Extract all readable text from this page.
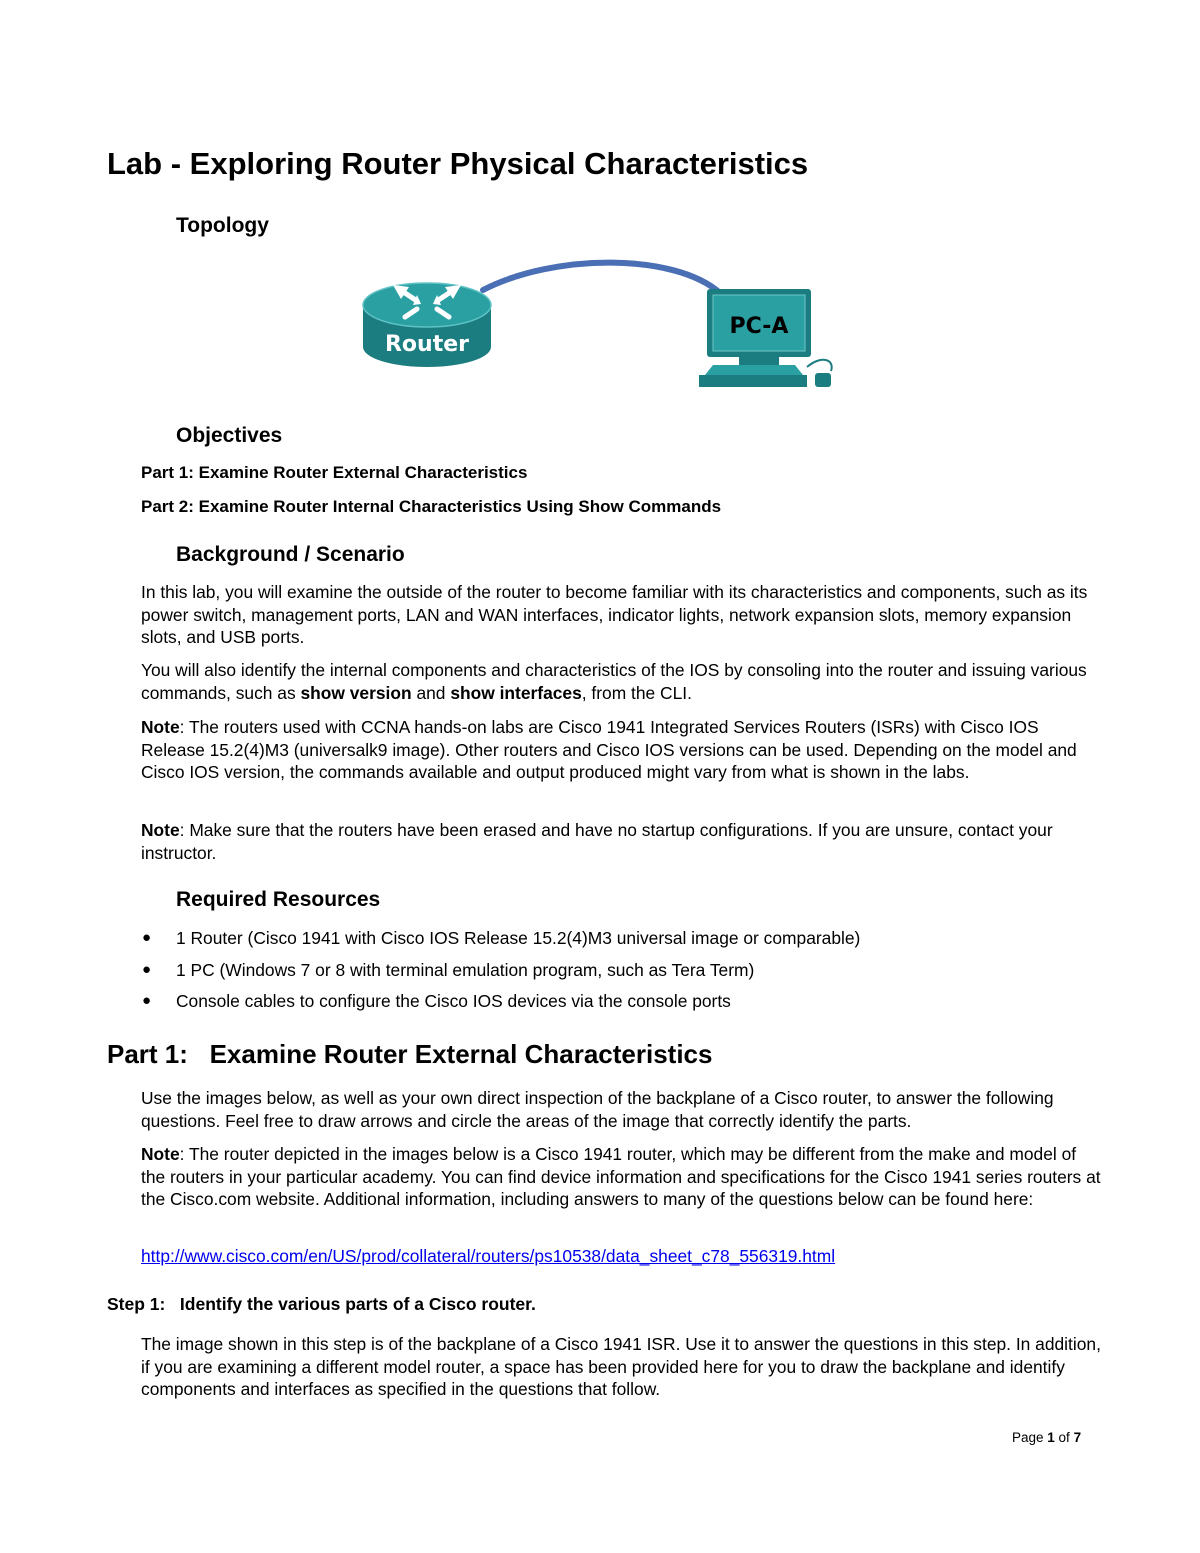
Lab - Exploring Router Physical Characteristics
Topology
Router
PC-A
Objectives
Part 1: Examine Router External Characteristics
Part 2: Examine Router Internal Characteristics Using Show Commands
Background / Scenario

In this lab, you will examine the outside of the router to become familiar with its characteristics and components, such as its power switch, management ports, LAN and WAN interfaces, indicator lights, network expansion slots, memory expansion slots, and USB ports.

You will also identify the internal components and characteristics of the IOS by consoling into the router and issuing various commands, such as show version and show interfaces, from the CLI.

Note: The routers used with CCNA hands-on labs are Cisco 1941 Integrated Services Routers (ISRs) with Cisco IOS Release 15.2(4)M3 (universalk9 image). Other routers and Cisco IOS versions can be used. Depending on the model and Cisco IOS version, the commands available and output produced might vary from what is shown in the labs.

Note: Make sure that the routers have been erased and have no startup configurations. If you are unsure, contact your instructor.

Required Resources
● 1 Router (Cisco 1941 with Cisco IOS Release 15.2(4)M3 universal image or comparable)
● 1 PC (Windows 7 or 8 with terminal emulation program, such as Tera Term)
● Console cables to configure the Cisco IOS devices via the console ports
Part 1:   Examine Router External Characteristics

Use the images below, as well as your own direct inspection of the backplane of a Cisco router, to answer the following questions. Feel free to draw arrows and circle the areas of the image that correctly identify the parts.

Note: The router depicted in the images below is a Cisco 1941 router, which may be different from the make and model of the routers in your particular academy. You can find device information and specifications for the Cisco 1941 series routers at the Cisco.com website. Additional information, including answers to many of the questions below can be found here:

http://www.cisco.com/en/US/prod/collateral/routers/ps10538/data_sheet_c78_556319.html
Step 1:   Identify the various parts of a Cisco router.

The image shown in this step is of the backplane of a Cisco 1941 ISR. Use it to answer the questions in this step. In addition, if you are examining a different model router, a space has been provided here for you to draw the backplane and identify components and interfaces as specified in the questions that follow.

Page 1 of 7
